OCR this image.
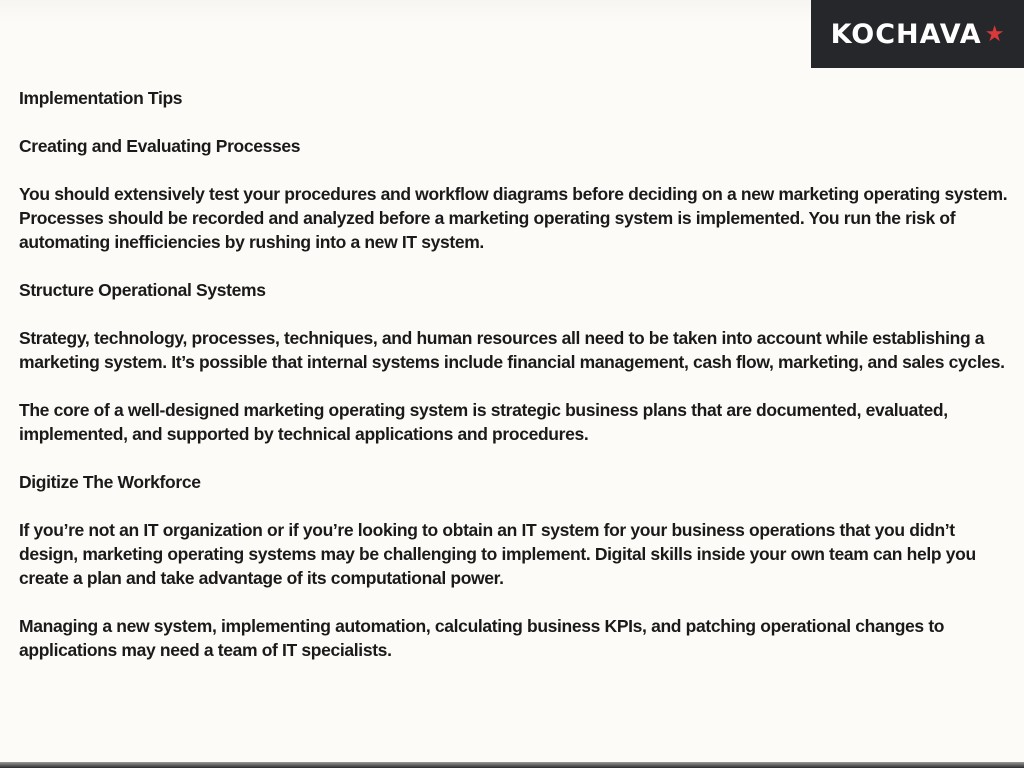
KOCHAVA ★

Implementation Tips

Creating and Evaluating Processes

You should extensively test your procedures and workflow diagrams before deciding on a new marketing operating system. Processes should be recorded and analyzed before a marketing operating system is implemented. You run the risk of automating inefficiencies by rushing into a new IT system.

Structure Operational Systems

Strategy, technology, processes, techniques, and human resources all need to be taken into account while establishing a marketing system. It’s possible that internal systems include financial management, cash flow, marketing, and sales cycles.

The core of a well-designed marketing operating system is strategic business plans that are documented, evaluated, implemented, and supported by technical applications and procedures.

Digitize The Workforce

If you’re not an IT organization or if you’re looking to obtain an IT system for your business operations that you didn’t design, marketing operating systems may be challenging to implement. Digital skills inside your own team can help you create a plan and take advantage of its computational power.

Managing a new system, implementing automation, calculating business KPIs, and patching operational changes to applications may need a team of IT specialists.
